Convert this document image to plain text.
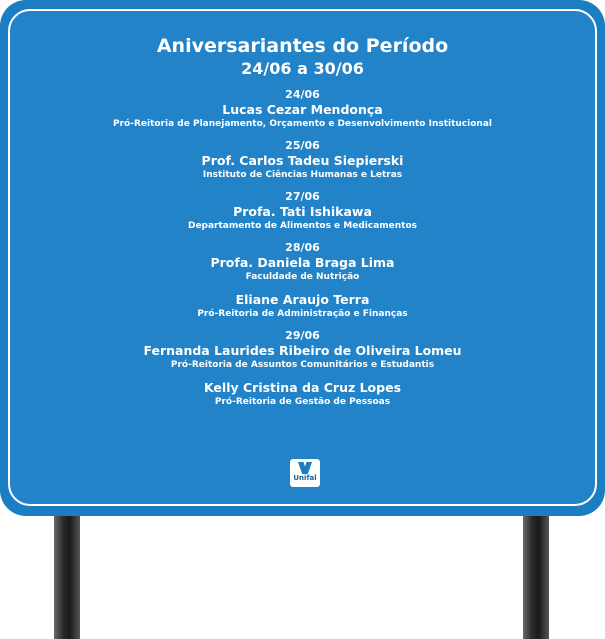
Aniversariantes do Período
24/06 a 30/06
24/06
Lucas Cezar Mendonça
Pró-Reitoria de Planejamento, Orçamento e Desenvolvimento Institucional
25/06
Prof. Carlos Tadeu Siepierski
Instituto de Ciências Humanas e Letras
27/06
Profa. Tati Ishikawa
Departamento de Alimentos e Medicamentos
28/06
Profa. Daniela Braga Lima
Faculdade de Nutrição
Eliane Araujo Terra
Pró-Reitoria de Administração e Finanças
29/06
Fernanda Laurides Ribeiro de Oliveira Lomeu
Pró-Reitoria de Assuntos Comunitários e Estudantis
Kelly Cristina da Cruz Lopes
Pró-Reitoria de Gestão de Pessoas
Unifal
